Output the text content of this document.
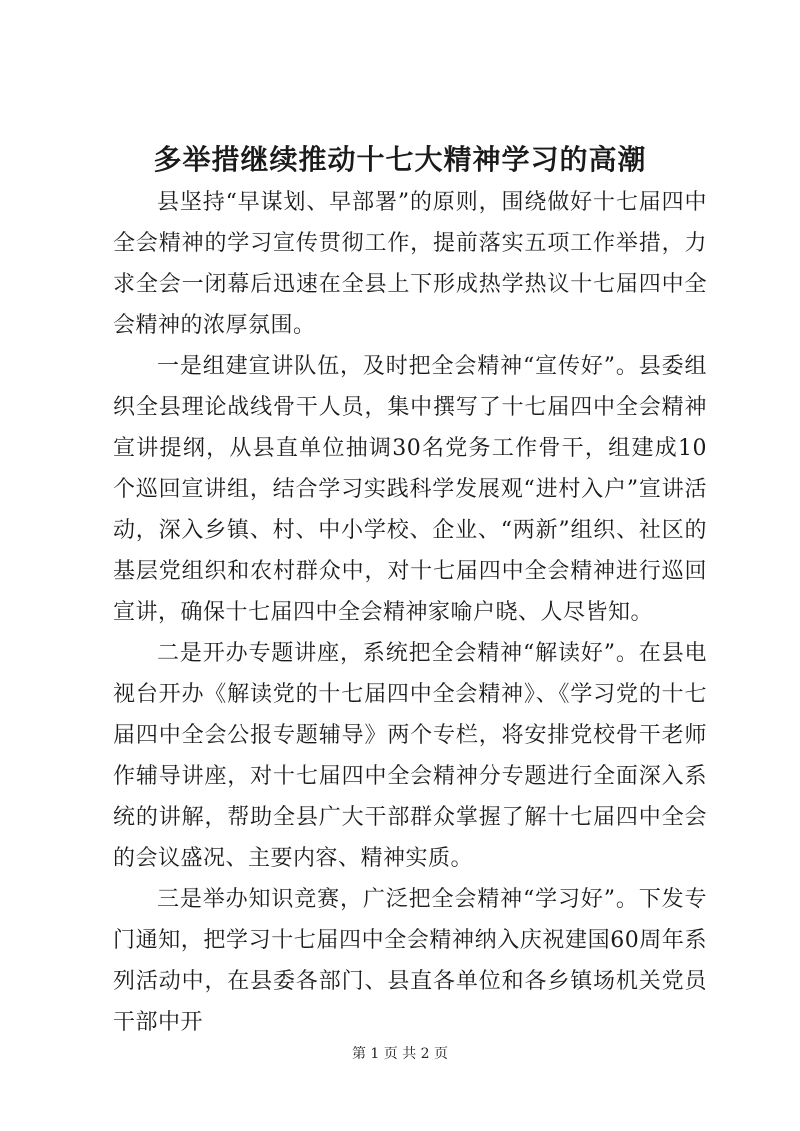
多举措继续推动十七大精神学习的高潮

县坚持“早谋划、早部署”的原则，围绕做好十七届四中全会精神的学习宣传贯彻工作，提前落实五项工作举措，力求全会一闭幕后迅速在全县上下形成热学热议十七届四中全会精神的浓厚氛围。

一是组建宣讲队伍，及时把全会精神“宣传好”。县委组织全县理论战线骨干人员，集中撰写了十七届四中全会精神宣讲提纲，从县直单位抽调30名党务工作骨干，组建成10个巡回宣讲组，结合学习实践科学发展观“进村入户”宣讲活动，深入乡镇、村、中小学校、企业、“两新”组织、社区的基层党组织和农村群众中，对十七届四中全会精神进行巡回宣讲，确保十七届四中全会精神家喻户晓、人尽皆知。

二是开办专题讲座，系统把全会精神“解读好”。在县电视台开办《解读党的十七届四中全会精神》、《学习党的十七届四中全会公报专题辅导》两个专栏，将安排党校骨干老师作辅导讲座，对十七届四中全会精神分专题进行全面深入系统的讲解，帮助全县广大干部群众掌握了解十七届四中全会的会议盛况、主要内容、精神实质。

三是举办知识竞赛，广泛把全会精神“学习好”。下发专门通知，把学习十七届四中全会精神纳入庆祝建国60周年系列活动中，在县委各部门、县直各单位和各乡镇场机关党员干部中开

第 1 页 共 2 页
